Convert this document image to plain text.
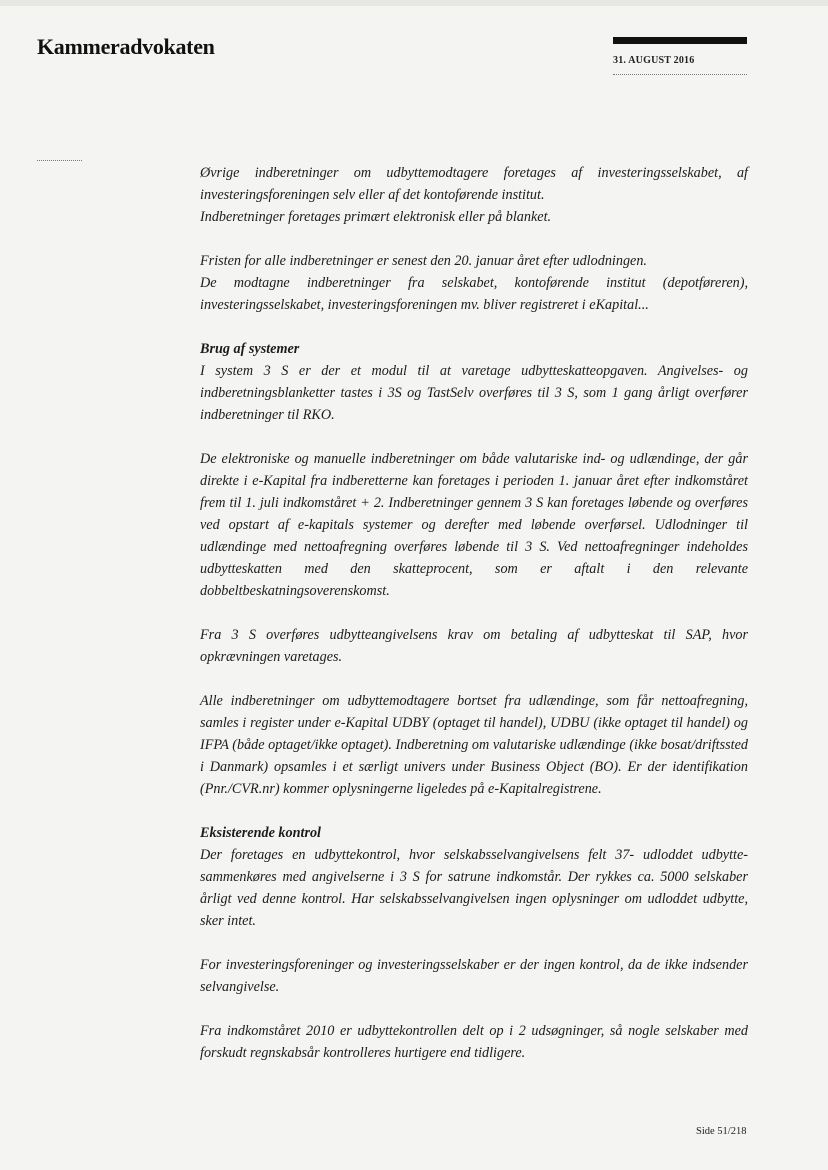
Kammeradvokaten
31. AUGUST 2016

Øvrige indberetninger om udbyttemodtagere foretages af investeringsselskabet, af investeringsforeningen selv eller af det kontoførende institut.
Indberetninger foretages primært elektronisk eller på blanket.

Fristen for alle indberetninger er senest den 20. januar året efter udlodningen.
De modtagne indberetninger fra selskabet, kontoførende institut (depotføreren), investeringsselskabet, investeringsforeningen mv. bliver registreret i eKapital...

Brug af systemer

I system 3 S er der et modul til at varetage udbytteskatteopgaven. Angivelses- og indberetningsblanketter tastes i 3S og TastSelv overføres til 3 S, som 1 gang årligt overfører indberetninger til RKO.

De elektroniske og manuelle indberetninger om både valutariske ind- og udlændinge, der går direkte i e-Kapital fra indberetterne kan foretages i perioden 1. januar året efter indkomståret frem til 1. juli indkomståret + 2. Indberetninger gennem 3 S kan foretages løbende og overføres ved opstart af e-kapitals systemer og derefter med løbende overførsel. Udlodninger til udlændinge med nettoafregning overføres løbende til 3 S. Ved nettoafregninger indeholdes udbytteskatten med den skatteprocent, som er aftalt i den relevante dobbeltbeskatningsoverenskomst.

Fra 3 S overføres udbytteangivelsens krav om betaling af udbytteskat til SAP, hvor opkrævningen varetages.

Alle indberetninger om udbyttemodtagere bortset fra udlændinge, som får nettoafregning, samles i register under e-Kapital UDBY (optaget til handel), UDBU (ikke optaget til handel) og IFPA (både optaget/ikke optaget). Indberetning om valutariske udlændinge (ikke bosat/driftssted i Danmark) opsamles i et særligt univers under Business Object (BO). Er der identifikation (Pnr./CVR.nr) kommer oplysningerne ligeledes på e-Kapitalregistrene.

Eksisterende kontrol

Der foretages en udbyttekontrol, hvor selskabsselvangivelsens felt 37- udloddet udbytte- sammenkøres med angivelserne i 3 S for satrune indkomstår. Der rykkes ca. 5000 selskaber årligt ved denne kontrol. Har selskabsselvangivelsen ingen oplysninger om udloddet udbytte, sker intet.

For investeringsforeninger og investeringsselskaber er der ingen kontrol, da de ikke indsender selvangivelse.

Fra indkomståret 2010 er udbyttekontrollen delt op i 2 udsøgninger, så nogle selskaber med forskudt regnskabsår kontrolleres hurtigere end tidligere.

Side 51/218
